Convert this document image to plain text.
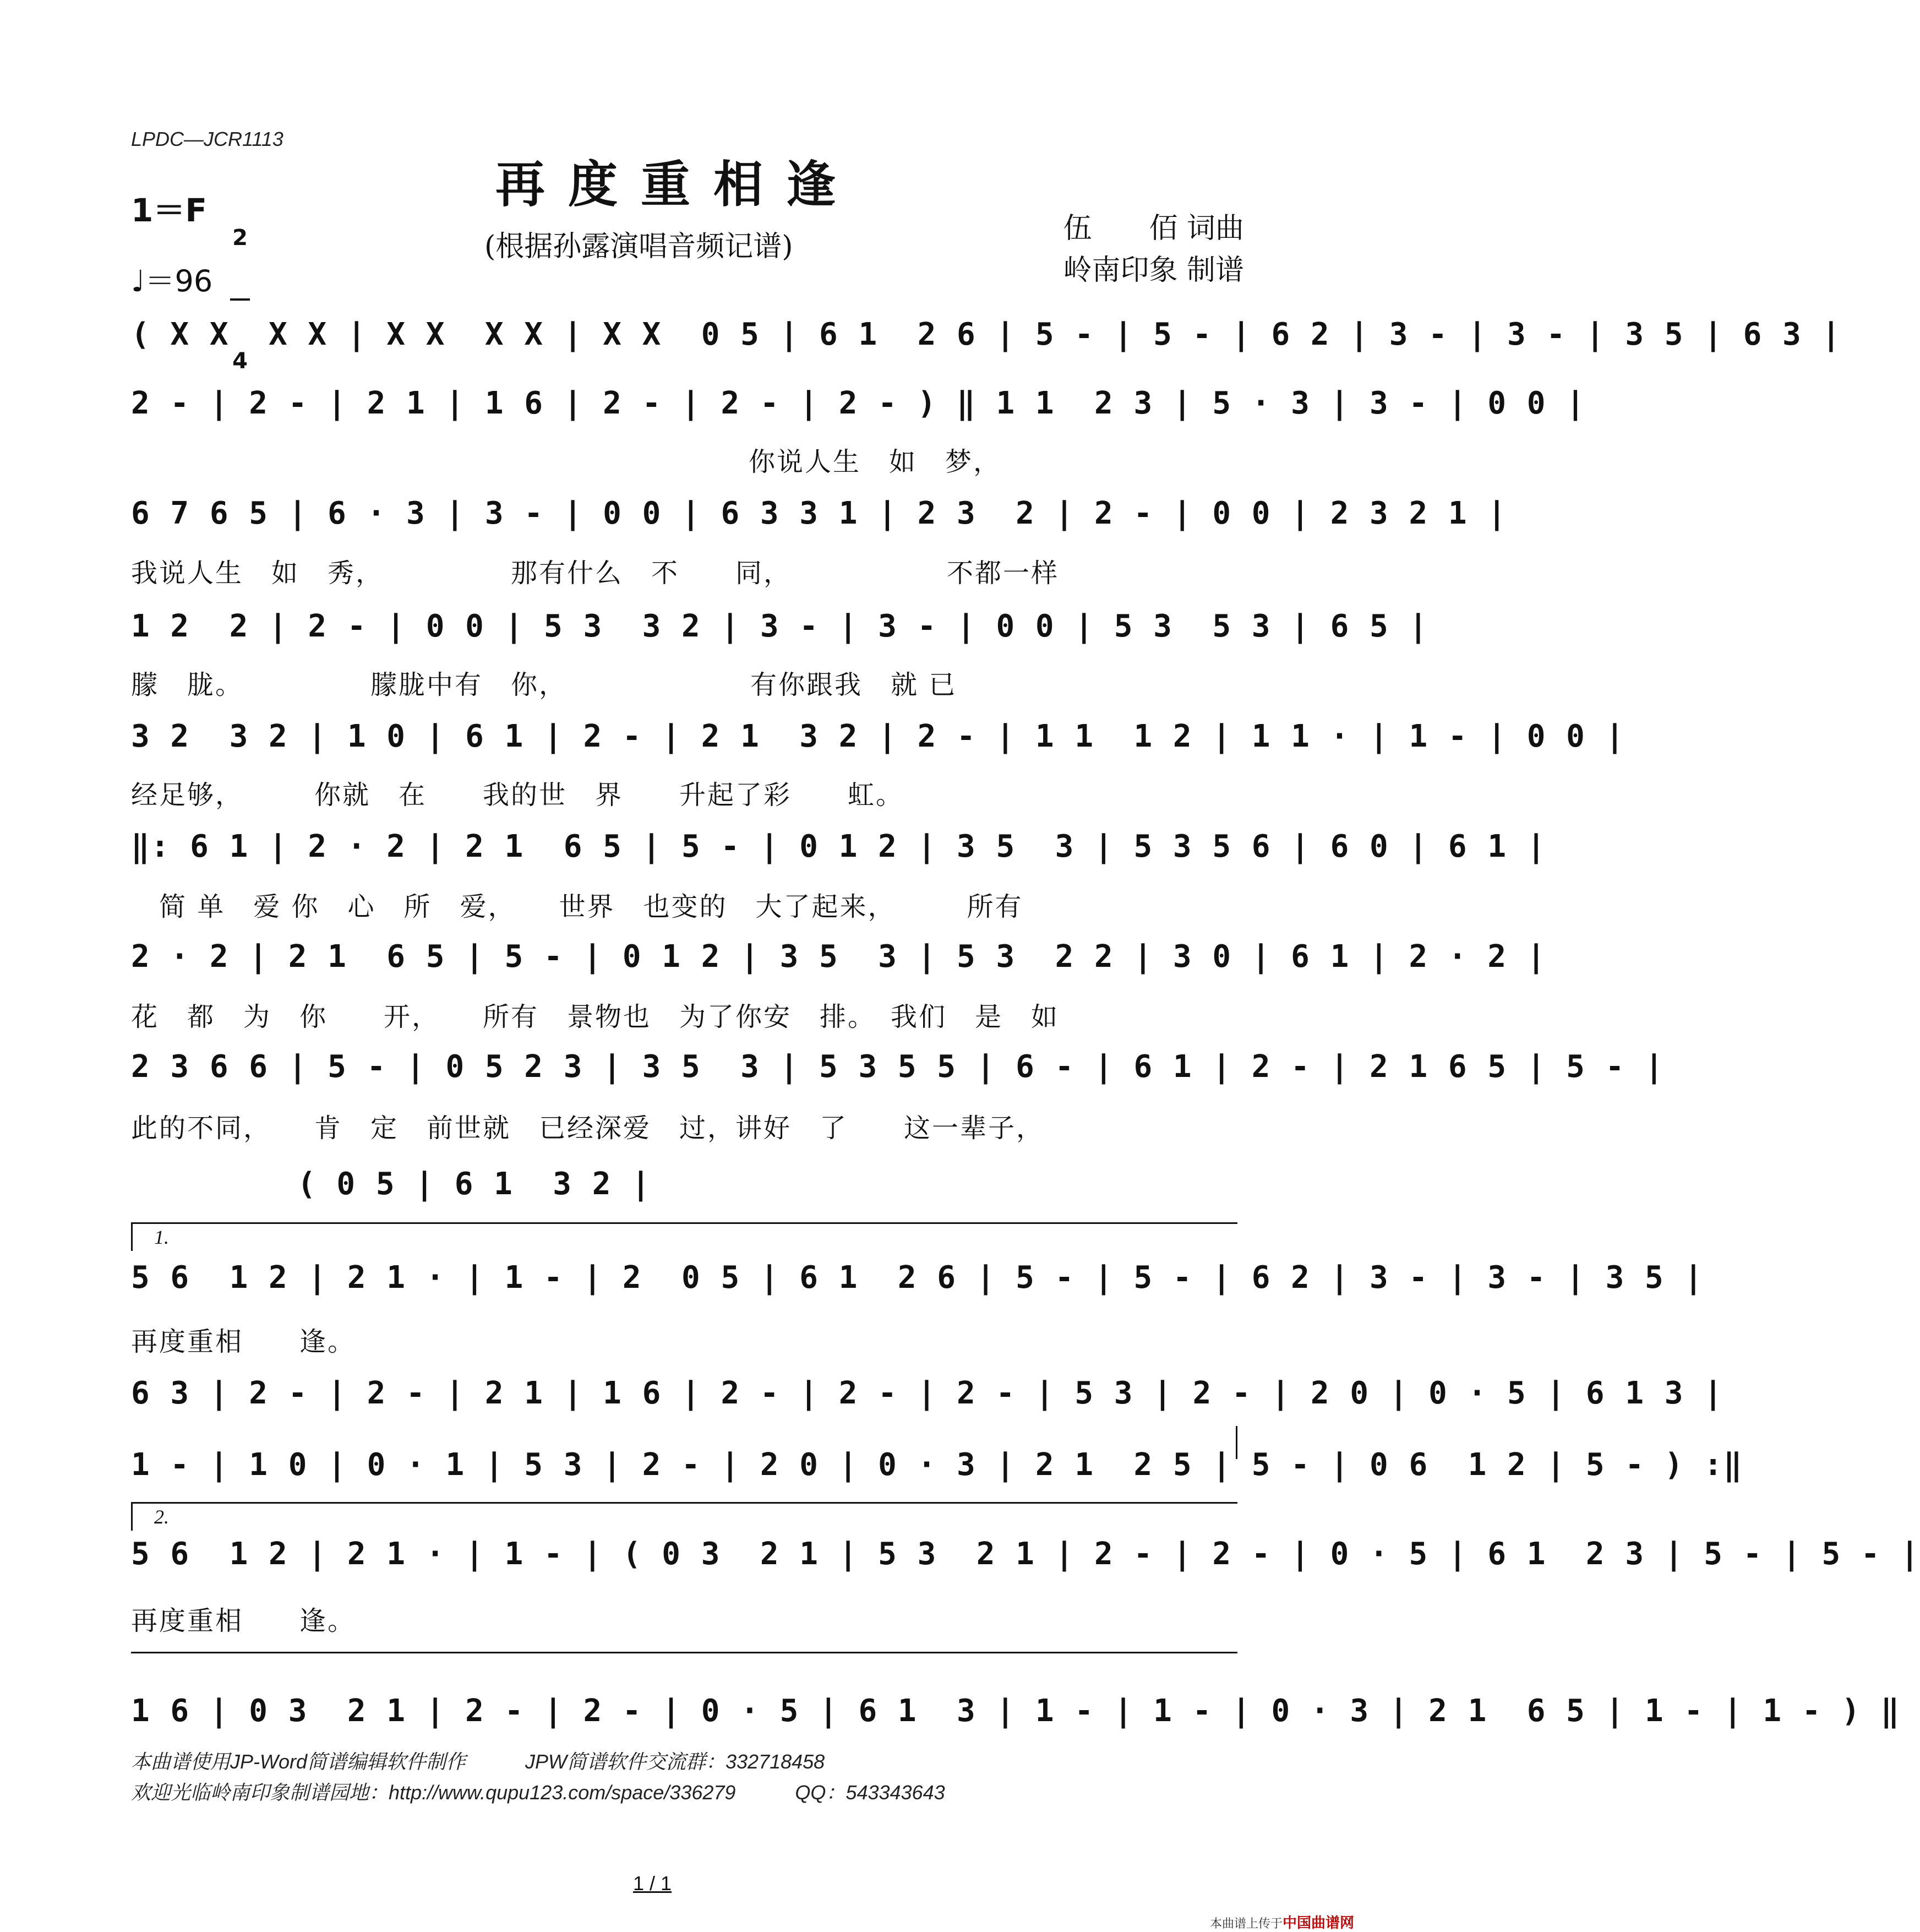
LPDC—JCR1113
再度重相逢
(根据孙露演唱音频记谱)
伍　　佰 词曲
岭南印象 制谱
1＝F

2

4

♩＝96
( X X  X X | X X  X X | X X  0 5 | 6 1  2 6 | 5 - | 5 - | 6 2 | 3 - | 3 - | 3 5 | 6 3 |
2 - | 2 - | 2 1 | 1 6 | 2 - | 2 - | 2 - ) ‖ 1 1  2 3 | 5 · 3 | 3 - | 0 0 |
　　　　　　　　　　　　　　　　　　　　　　你说人生　如　梦，
6 7 6 5 | 6 · 3 | 3 - | 0 0 | 6 3 3 1 | 2 3  2 | 2 - | 0 0 | 2 3 2 1 |
我说人生　如　秀，　　　　　那有什么　不　　同，　　　　　　不都一样
1 2  2 | 2 - | 0 0 | 5 3  3 2 | 3 - | 3 - | 0 0 | 5 3  5 3 | 6 5 |
朦　胧。　　　　　朦胧中有　你，　　　　　　　有你跟我　就 已
3 2  3 2 | 1 0 | 6 1 | 2 - | 2 1  3 2 | 2 - | 1 1  1 2 | 1 1 · | 1 - | 0 0 |
经足够，　　　你就　在　　我的世　界　　升起了彩　　虹。
‖: 6 1 | 2 · 2 | 2 1  6 5 | 5 - | 0 1 2 | 3 5  3 | 5 3 5 6 | 6 0 | 6 1 |
　简 单　爱 你　心　所　爱，　　世界　也变的　大了起来，　　　所有
2 · 2 | 2 1  6 5 | 5 - | 0 1 2 | 3 5  3 | 5 3  2 2 | 3 0 | 6 1 | 2 · 2 |
花　都　为　你　　开，　　所有　景物也　为了你安　排。　我们　是　如
2 3 6 6 | 5 - | 0 5 2 3 | 3 5  3 | 5 3 5 5 | 6 - | 6 1 | 2 - | 2 1 6 5 | 5 - |
此的不同，　　肯　定　前世就　已经深爱　过，讲好　了　　这一辈子，
( 0 5 | 6 1  3 2 |
1.
5 6  1 2 | 2 1 · | 1 - | 2  0 5 | 6 1  2 6 | 5 - | 5 - | 6 2 | 3 - | 3 - | 3 5 |
再度重相　　逢。
6 3 | 2 - | 2 - | 2 1 | 1 6 | 2 - | 2 - | 2 - | 5 3 | 2 - | 2 0 | 0 · 5 | 6 1 3 |
1 - | 1 0 | 0 · 1 | 5 3 | 2 - | 2 0 | 0 · 3 | 2 1  2 5 | 5 - | 0 6  1 2 | 5 - ) :‖
2.
5 6  1 2 | 2 1 · | 1 - | ( 0 3  2 1 | 5 3  2 1 | 2 - | 2 - | 0 · 5 | 6 1  2 3 | 5 - | 5 - |
再度重相　　逢。
1 6 | 0 3  2 1 | 2 - | 2 - | 0 · 5 | 6 1  3 | 1 - | 1 - | 0 · 3 | 2 1  6 5 | 1 - | 1 - ) ‖
本曲谱使用JP-Word简谱编辑软件制作　　　JPW简谱软件交流群：332718458
欢迎光临岭南印象制谱园地：http://www.qupu123.com/space/336279　　　QQ：543343643
1 / 1
本曲谱上传于中国曲谱网
